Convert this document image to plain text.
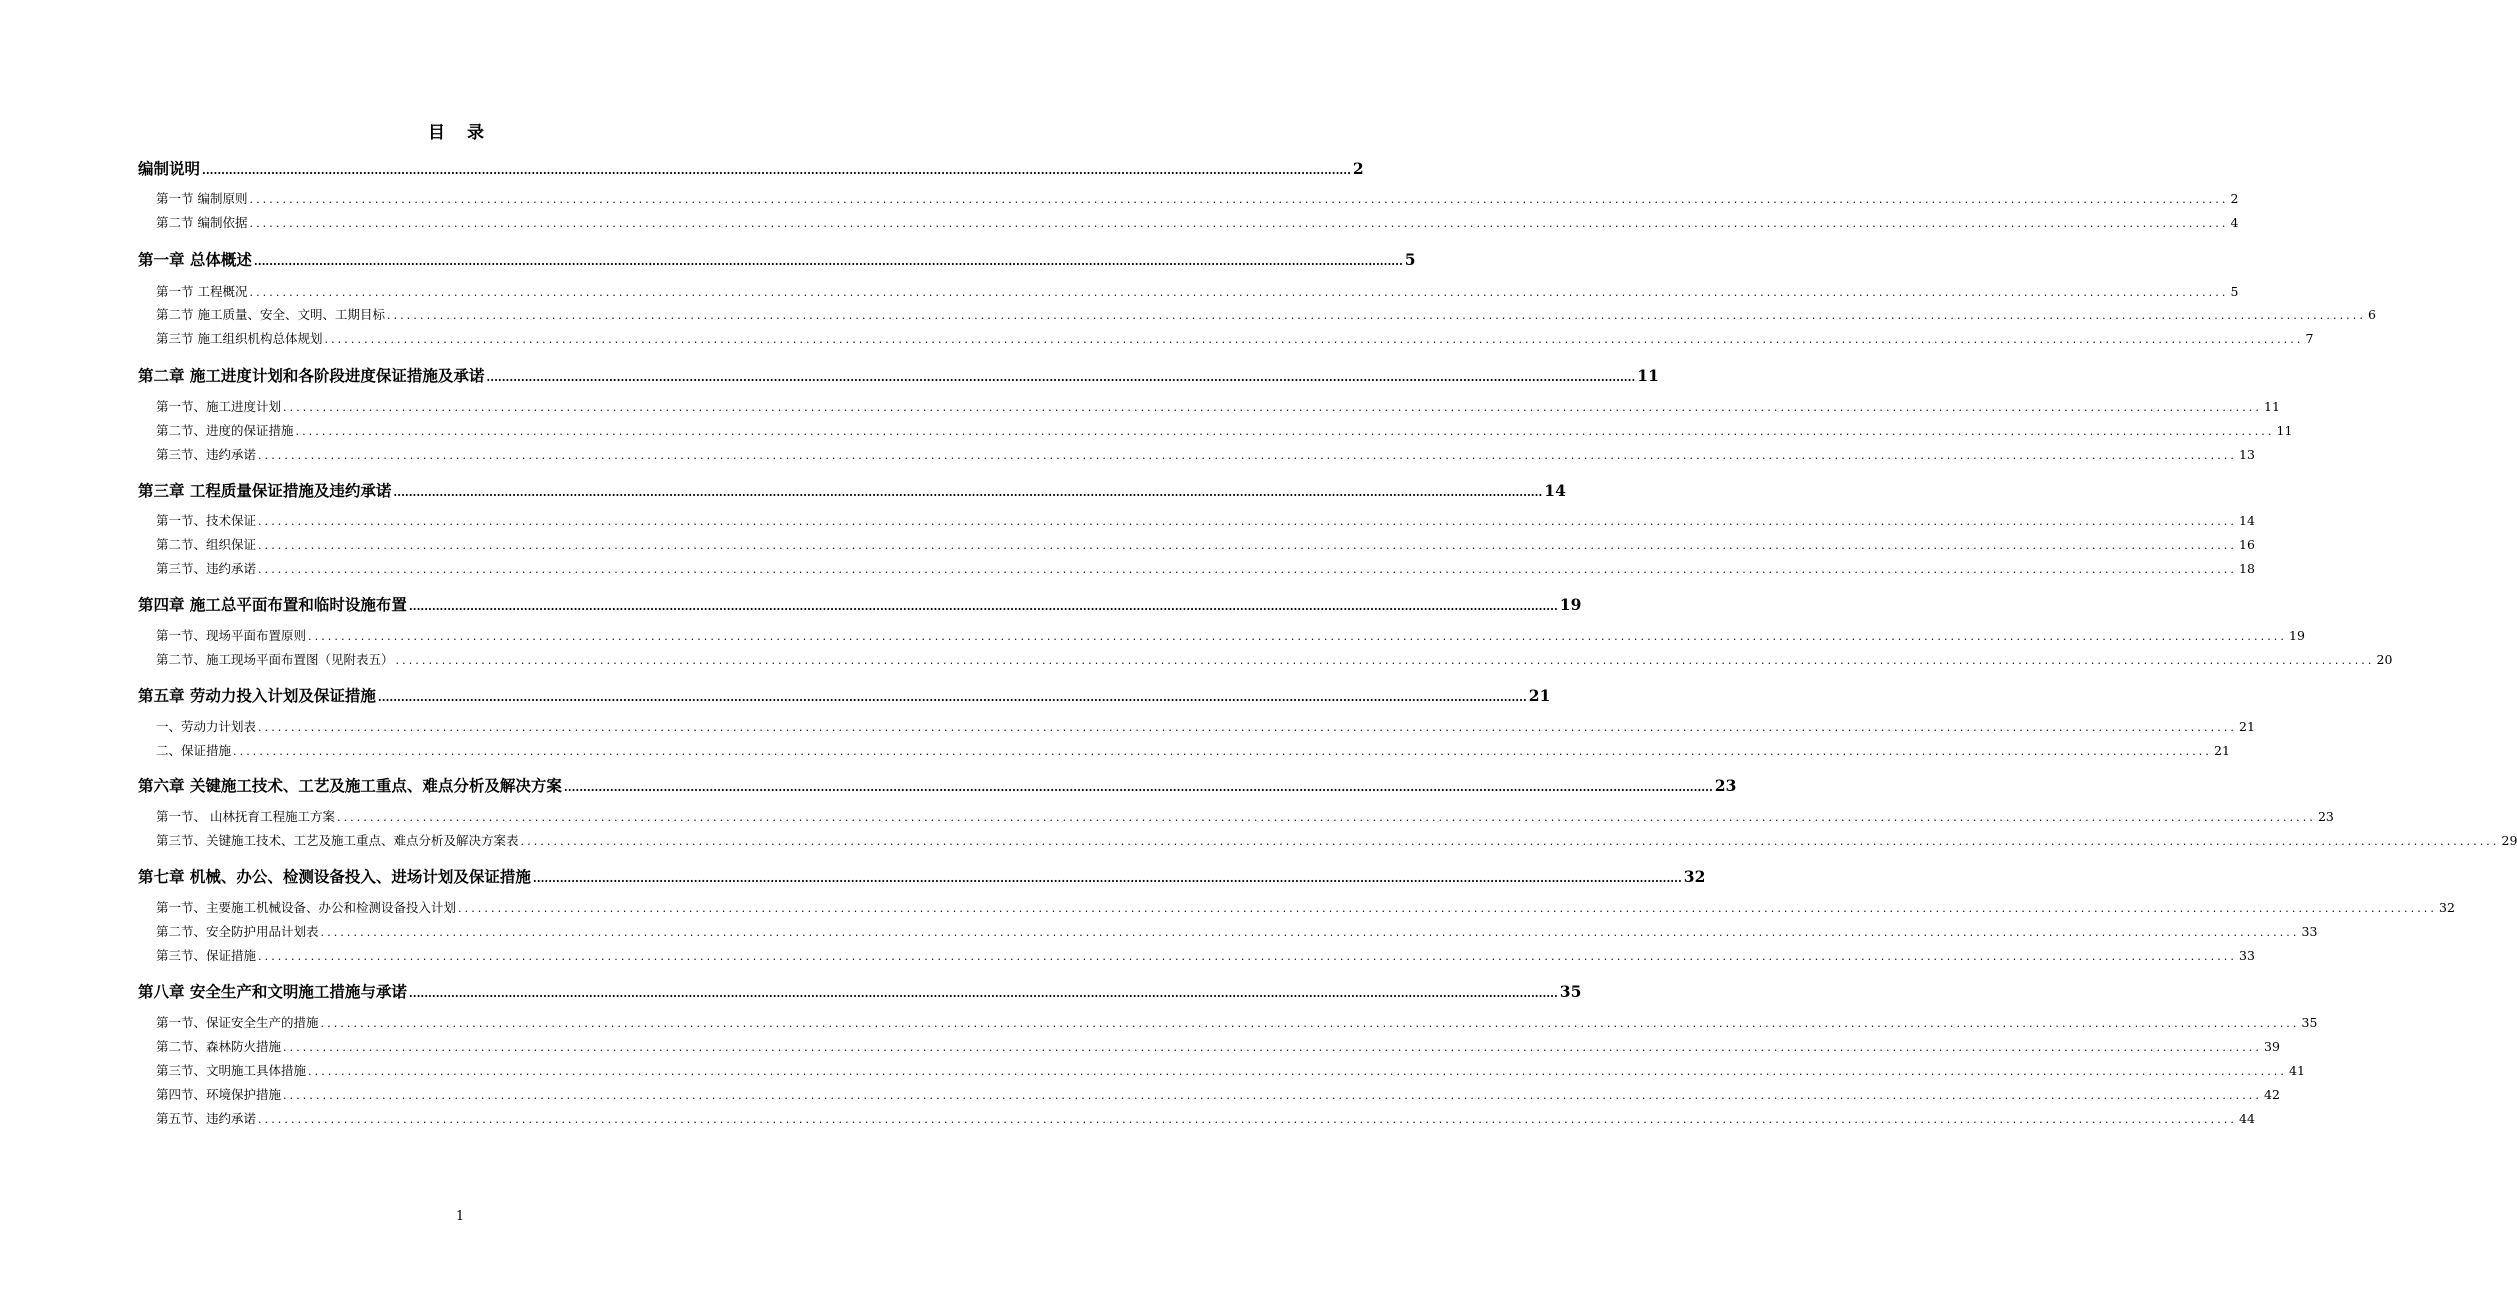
目 录
编制说明 ............................................................................................................................................................................................................................................................................................................ 2
第一节 编制原则 ............................................................................................................................................................................................................................................................................................................ 2
第二节 编制依据 ............................................................................................................................................................................................................................................................................................................ 4
第一章 总体概述 ............................................................................................................................................................................................................................................................................................................ 5
第一节 工程概况 ............................................................................................................................................................................................................................................................................................................ 5
第二节 施工质量、安全、文明、工期目标 ............................................................................................................................................................................................................................................................................................................ 6
第三节 施工组织机构总体规划 ............................................................................................................................................................................................................................................................................................................ 7
第二章 施工进度计划和各阶段进度保证措施及承诺 ............................................................................................................................................................................................................................................................................................................ 11
第一节、施工进度计划 ............................................................................................................................................................................................................................................................................................................ 11
第二节、进度的保证措施 ............................................................................................................................................................................................................................................................................................................ 11
第三节、违约承诺 ............................................................................................................................................................................................................................................................................................................ 13
第三章 工程质量保证措施及违约承诺 ............................................................................................................................................................................................................................................................................................................ 14
第一节、技术保证 ............................................................................................................................................................................................................................................................................................................ 14
第二节、组织保证 ............................................................................................................................................................................................................................................................................................................ 16
第三节、违约承诺 ............................................................................................................................................................................................................................................................................................................ 18
第四章 施工总平面布置和临时设施布置 ............................................................................................................................................................................................................................................................................................................ 19
第一节、现场平面布置原则 ............................................................................................................................................................................................................................................................................................................ 19
第二节、施工现场平面布置图（见附表五） ............................................................................................................................................................................................................................................................................................................ 20
第五章 劳动力投入计划及保证措施 ............................................................................................................................................................................................................................................................................................................ 21
一、劳动力计划表 ............................................................................................................................................................................................................................................................................................................ 21
二、保证措施 ............................................................................................................................................................................................................................................................................................................ 21
第六章 关键施工技术、工艺及施工重点、难点分析及解决方案 ............................................................................................................................................................................................................................................................................................................ 23
第一节、 山林抚育工程施工方案 ............................................................................................................................................................................................................................................................................................................ 23
第三节、关键施工技术、工艺及施工重点、难点分析及解决方案表 ............................................................................................................................................................................................................................................................................................................ 29
第七章 机械、办公、检测设备投入、进场计划及保证措施 ............................................................................................................................................................................................................................................................................................................ 32
第一节、主要施工机械设备、办公和检测设备投入计划 ............................................................................................................................................................................................................................................................................................................ 32
第二节、安全防护用品计划表 ............................................................................................................................................................................................................................................................................................................ 33
第三节、保证措施 ............................................................................................................................................................................................................................................................................................................ 33
第八章 安全生产和文明施工措施与承诺 ............................................................................................................................................................................................................................................................................................................ 35
第一节、保证安全生产的措施 ............................................................................................................................................................................................................................................................................................................ 35
第二节、森林防火措施 ............................................................................................................................................................................................................................................................................................................ 39
第三节、文明施工具体措施 ............................................................................................................................................................................................................................................................................................................ 41
第四节、环境保护措施 ............................................................................................................................................................................................................................................................................................................ 42
第五节、违约承诺 ............................................................................................................................................................................................................................................................................................................ 44
1
